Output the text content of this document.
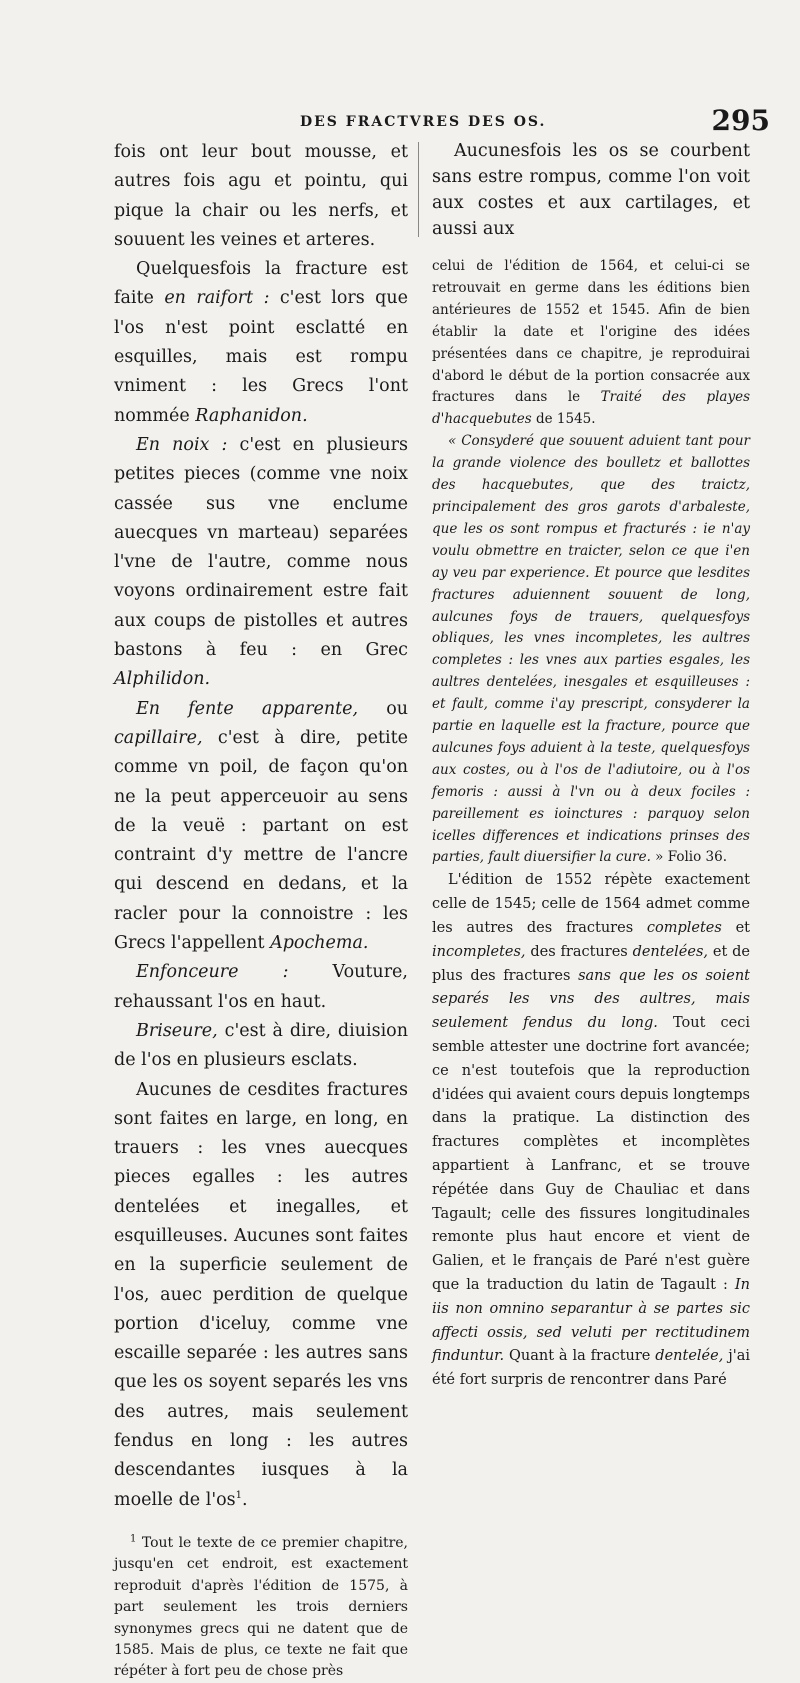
DES FRACTVRES DES OS.	295

fois ont leur bout mousse, et autres fois agu et pointu, qui pique la chair ou les nerfs, et souuent les veines et arteres.

Quelquesfois la fracture est faite en raifort : c'est lors que l'os n'est point esclatté en esquilles, mais est rompu vniment : les Grecs l'ont nommée Raphanidon.

En noix : c'est en plusieurs petites pieces (comme vne noix cassée sus vne enclume auecques vn marteau) separées l'vne de l'autre, comme nous voyons ordinairement estre fait aux coups de pistolles et autres bastons à feu : en Grec Alphilidon.

En fente apparente, ou capillaire, c'est à dire, petite comme vn poil, de façon qu'on ne la peut apperceuoir au sens de la veuë : partant on est contraint d'y mettre de l'ancre qui descend en dedans, et la racler pour la connoistre : les Grecs l'appellent Apochema.

Enfonceure : Vouture, rehaussant l'os en haut.

Briseure, c'est à dire, diuision de l'os en plusieurs esclats.

Aucunes de cesdites fractures sont faites en large, en long, en trauers : les vnes auecques pieces egalles : les autres dentelées et inegalles, et esquilleuses. Aucunes sont faites en la superficie seulement de l'os, auec perdition de quelque portion d'iceluy, comme vne escaille separée : les autres sans que les os soyent separés les vns des autres, mais seulement fendus en long : les autres descendantes iusques à la moelle de $l'os^1$.

$^1$ Tout le texte de ce premier chapitre, jusqu'en cet endroit, est exactement reproduit d'après l'édition de 1575, à part seulement les trois derniers synonymes grecs qui ne datent que de 1585. Mais de plus, ce texte ne fait que répéter à fort peu de chose près

Aucunesfois les os se courbent sans estre rompus, comme l'on voit aux costes et aux cartilages, et aussi aux

celui de l'édition de 1564, et celui-ci se retrouvait en germe dans les éditions bien antérieures de 1552 et 1545. Afin de bien établir la date et l'origine des idées présentées dans ce chapitre, je reproduirai d'abord le début de la portion consacrée aux fractures dans le Traité des playes d'hacquebutes de 1545.

« Consyderé que souuent aduient tant pour la grande violence des boulletz et ballottes des hacquebutes, que des traictz, principalement des gros garots d'arbaleste, que les os sont rompus et fracturés : ie n'ay voulu obmettre en traicter, selon ce que i'en ay veu par experience. Et pource que lesdites fractures aduiennent souuent de long, aulcunes foys de trauers, quelquesfoys obliques, les vnes incompletes, les aultres completes : les vnes aux parties esgales, les aultres dentelées, inesgales et esquilleuses : et fault, comme i'ay prescript, consyderer la partie en laquelle est la fracture, pource que aulcunes foys aduient à la teste, quelquesfoys aux costes, ou à l'os de l'adiutoire, ou à l'os femoris : aussi à l'vn ou à deux fociles : pareillement es ioinctures : parquoy selon icelles differences et indications prinses des parties, fault diuersifier la cure. » Folio 36.

L'édition de 1552 répète exactement celle de 1545; celle de 1564 admet comme les autres des fractures completes et incompletes, des fractures dentelées, et de plus des fractures sans que les os soient separés les vns des aultres, mais seulement fendus du long. Tout ceci semble attester une doctrine fort avancée; ce n'est toutefois que la reproduction d'idées qui avaient cours depuis longtemps dans la pratique. La distinction des fractures complètes et incomplètes appartient à Lanfranc, et se trouve répétée dans Guy de Chauliac et dans Tagault; celle des fissures longitudinales remonte plus haut encore et vient de Galien, et le français de Paré n'est guère que la traduction du latin de Tagault : In iis non omnino separantur à se partes sic affecti ossis, sed veluti per rectitudinem finduntur. Quant à la fracture dentelée, j'ai été fort surpris de rencontrer dans Paré
